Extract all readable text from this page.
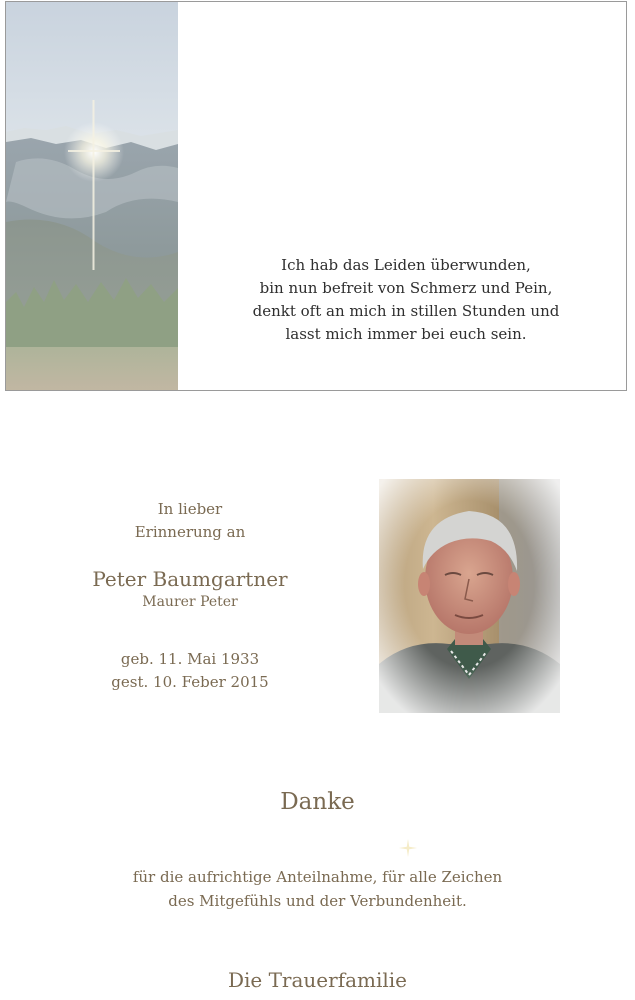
Ich hab das Leiden überwunden,
bin nun befreit von Schmerz und Pein,
denkt oft an mich in stillen Stunden und
lasst mich immer bei euch sein.
In lieber
Erinnerung an
Peter Baumgartner
Maurer Peter
geb. 11. Mai 1933
gest. 10. Feber 2015
Danke
für die aufrichtige Anteilnahme, für alle Zeichen
des Mitgefühls und der Verbundenheit.
Die Trauerfamilie
